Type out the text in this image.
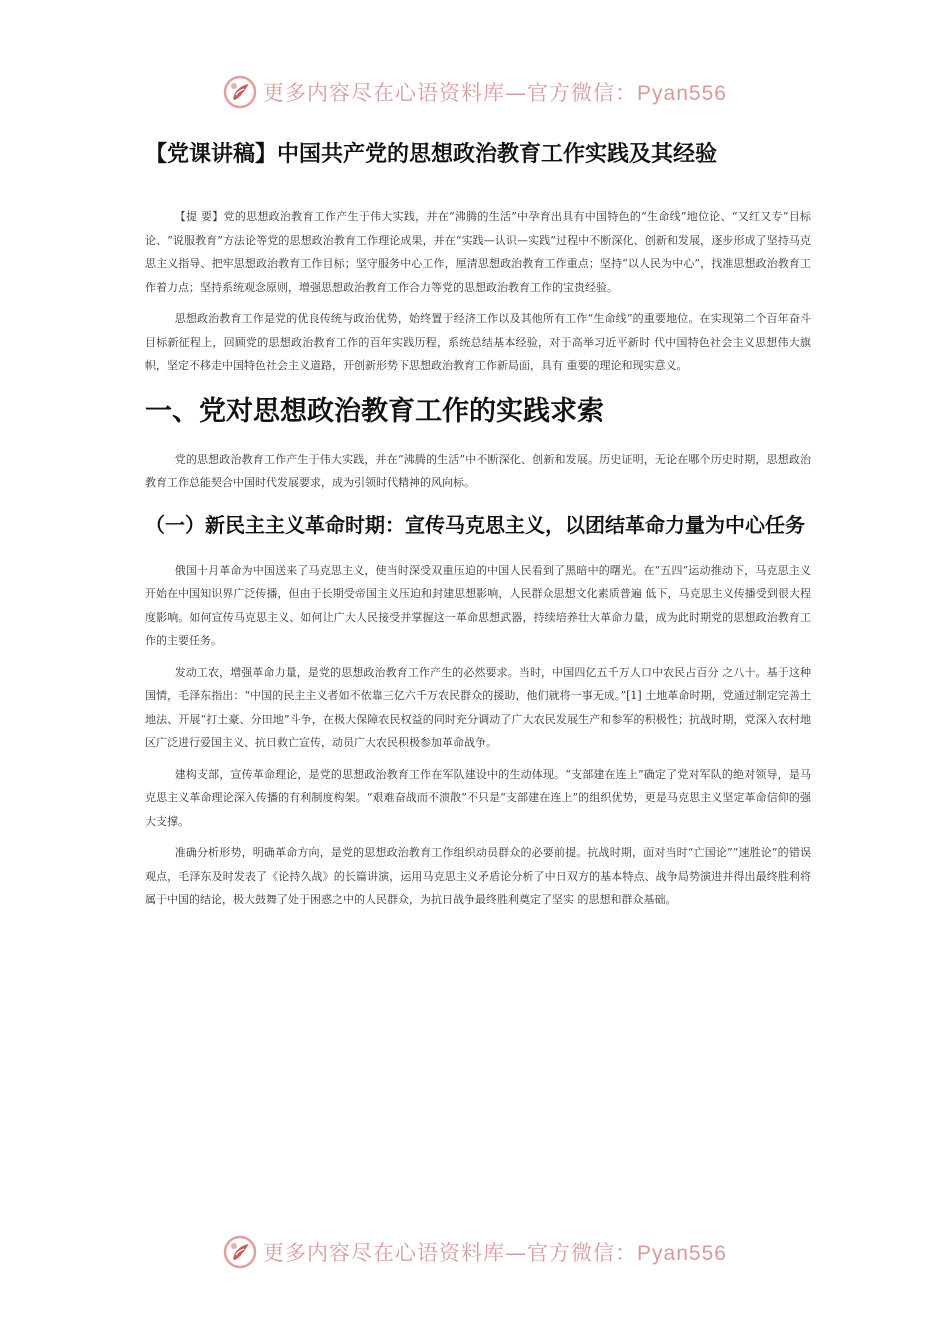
更多内容尽在心语资料库—官方微信：Pyan556
【党课讲稿】中国共产党的思想政治教育工作实践及其经验

【提 要】党的思想政治教育工作产生于伟大实践，并在“沸腾的生活”中孕育出具有中国特色的“生命线”地位论、“又红又专”目标论、“说服教育”方法论等党的思想政治教育工作理论成果，并在“实践—认识—实践”过程中不断深化、创新和发展，逐步形成了坚持马克思主义指导、把牢思想政治教育工作目标；坚守服务中心工作，厘清思想政治教育工作重点；坚持“以人民为中心”，找准思想政治教育工作着力点；坚持系统观念原则，增强思想政治教育工作合力等党的思想政治教育工作的宝贵经验。

思想政治教育工作是党的优良传统与政治优势，始终置于经济工作以及其他所有工作“生命线”的重要地位。在实现第二个百年奋斗目标新征程上，回顾党的思想政治教育工作的百年实践历程，系统总结基本经验，对于高举习近平新时 代中国特色社会主义思想伟大旗帜，坚定不移走中国特色社会主义道路，开创新形势下思想政治教育工作新局面，具有 重要的理论和现实意义。

一、党对思想政治教育工作的实践求索

党的思想政治教育工作产生于伟大实践，并在“沸腾的生活”中不断深化、创新和发展。历史证明，无论在哪个历史时期，思想政治教育工作总能契合中国时代发展要求，成为引领时代精神的风向标。

（一）新民主主义革命时期：宣传马克思主义，以团结革命力量为中心任务

俄国十月革命为中国送来了马克思主义，使当时深受双重压迫的中国人民看到了黑暗中的曙光。在“五四”运动推动下，马克思主义开始在中国知识界广泛传播，但由于长期受帝国主义压迫和封建思想影响，人民群众思想文化素质普遍 低下，马克思主义传播受到很大程度影响。如何宣传马克思主义、如何让广大人民接受并掌握这一革命思想武器，持续培养壮大革命力量，成为此时期党的思想政治教育工作的主要任务。

发动工农，增强革命力量，是党的思想政治教育工作产生的必然要求。当时，中国四亿五千万人口中农民占百分 之八十。基于这种国情，毛泽东指出：“中国的民主主义者如不依靠三亿六千万农民群众的援助，他们就将一事无成。”[1] 土地革命时期，党通过制定完善土地法、开展“打土豪、分田地”斗争，在极大保障农民权益的同时充分调动了广大农民发展生产和参军的积极性；抗战时期，党深入农村地区广泛进行爱国主义、抗日救亡宣传，动员广大农民积极参加革命战争。

建构支部，宣传革命理论，是党的思想政治教育工作在军队建设中的生动体现。“支部建在连上”确定了党对军队的绝对领导，是马克思主义革命理论深入传播的有利制度构架。“艰难奋战而不溃散”不只是“支部建在连上”的组织优势，更是马克思主义坚定革命信仰的强大支撑。

准确分析形势，明确革命方向，是党的思想政治教育工作组织动员群众的必要前提。抗战时期，面对当时“亡国论”“速胜论”的错误观点，毛泽东及时发表了《论持久战》的长篇讲演，运用马克思主义矛盾论分析了中日双方的基本特点、战争局势演进并得出最终胜利将属于中国的结论，极大鼓舞了处于困惑之中的人民群众，为抗日战争最终胜利奠定了坚实 的思想和群众基础。

更多内容尽在心语资料库—官方微信：Pyan556
